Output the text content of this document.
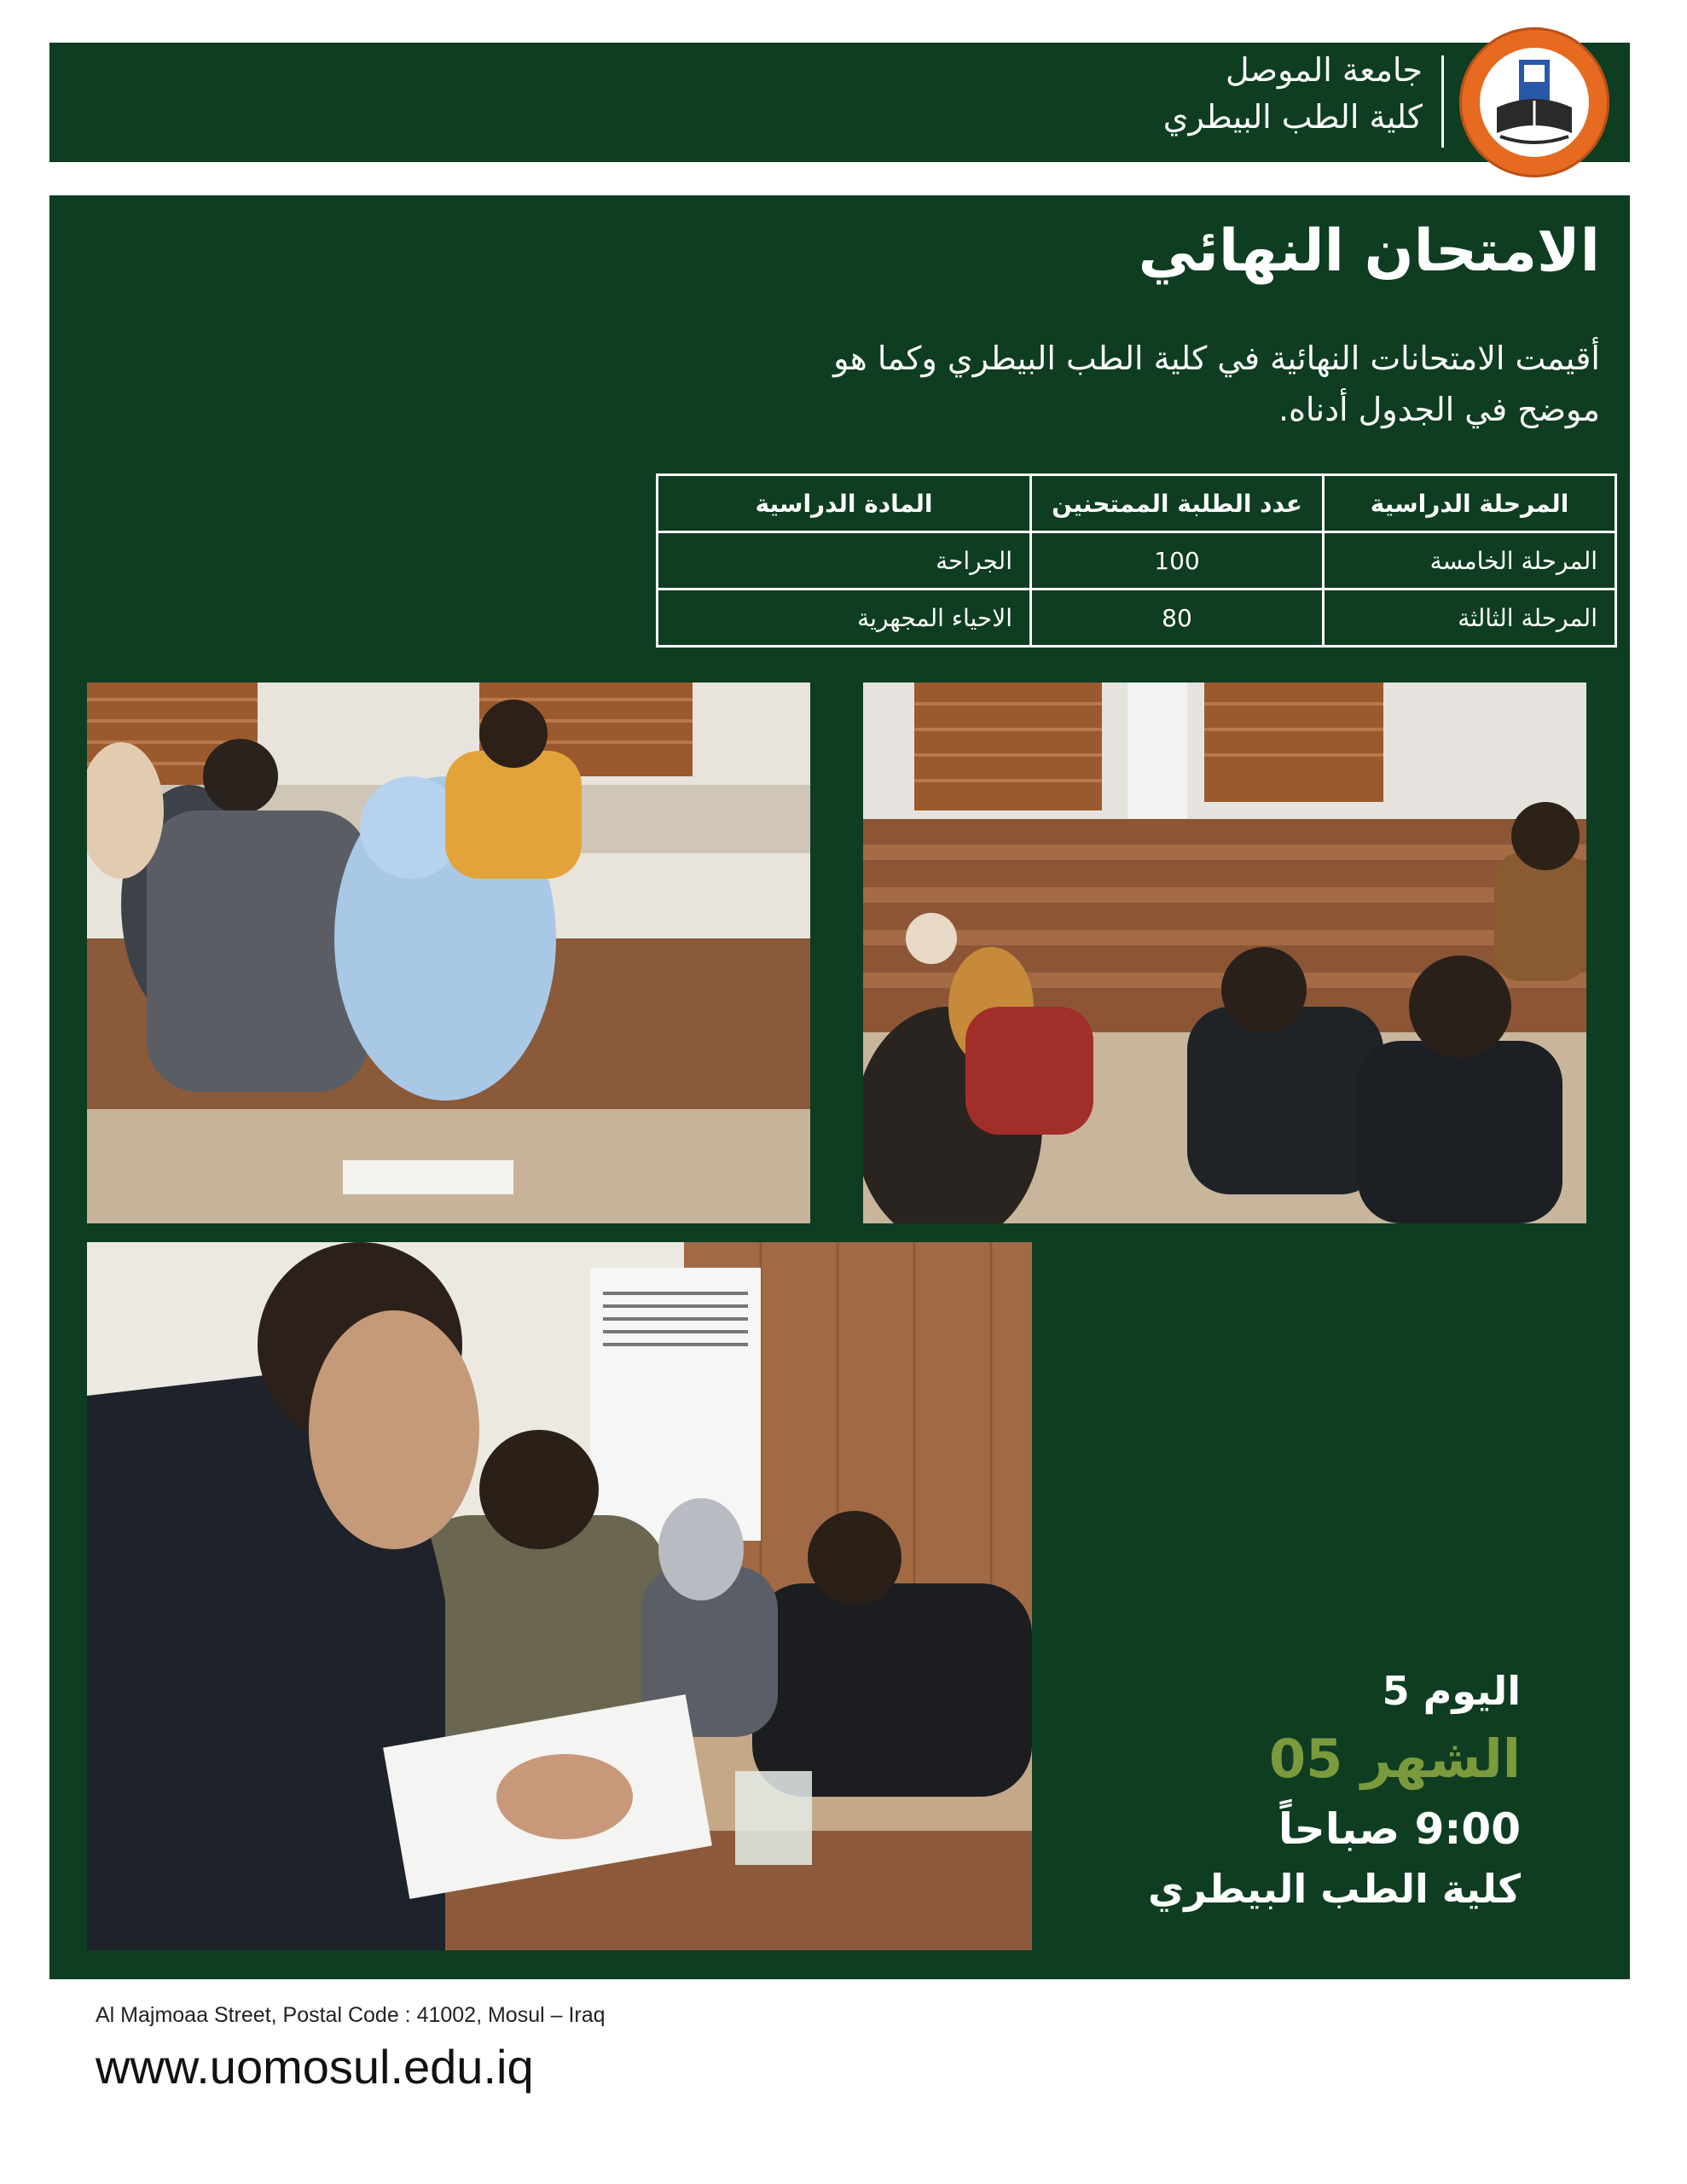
جامعة الموصل
كلية الطب البيطري
الامتحان النهائي
أقيمت الامتحانات النهائية في كلية الطب البيطري وكما هو موضح في الجدول أدناه.
المرحلة الدراسية	عدد الطلبة الممتحنين	المادة الدراسية
المرحلة الخامسة	100	الجراحة
المرحلة الثالثة	80	الاحياء المجهرية
اليوم 5
الشهر 05
9:00 صباحاً
كلية الطب البيطري
Al Majmoaa Street, Postal Code : 41002, Mosul – Iraq
www.uomosul.edu.iq
